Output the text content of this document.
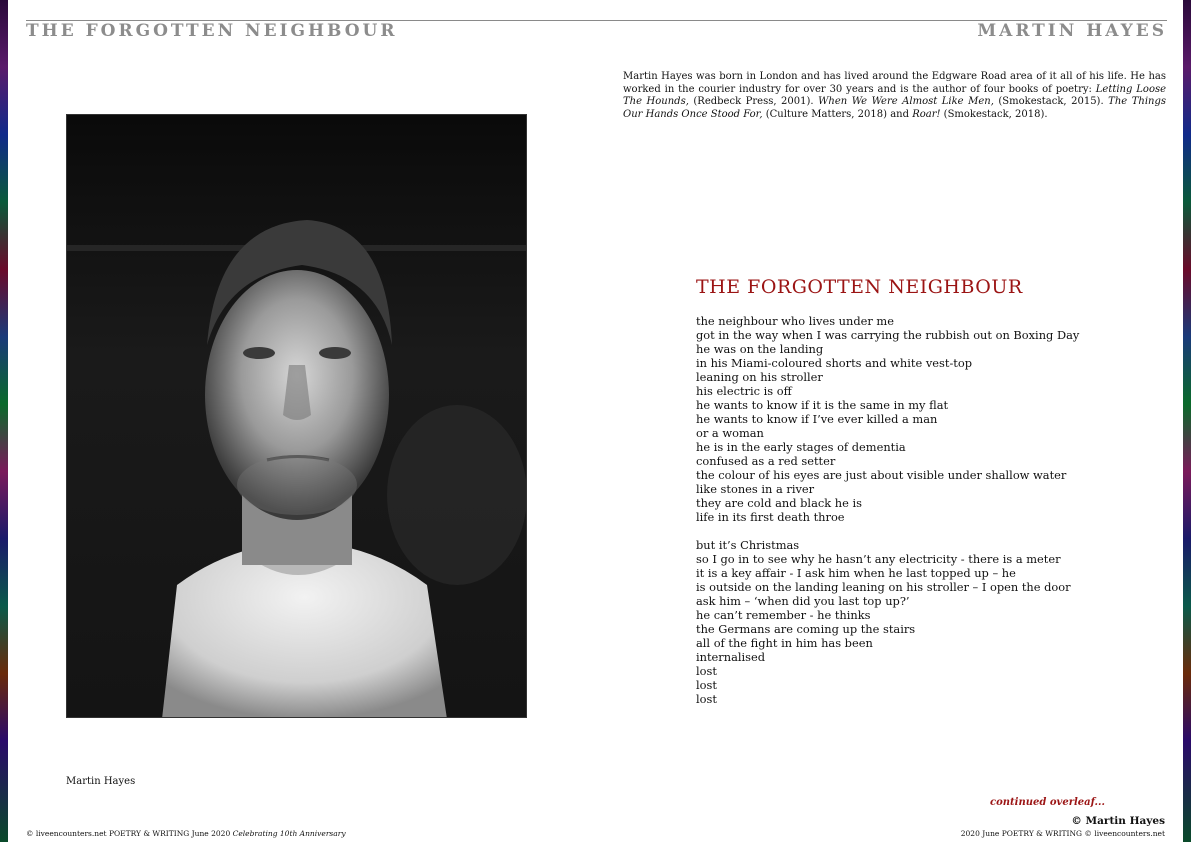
THE FORGOTTEN NEIGHBOUR	MARTIN HAYES
Martin Hayes was born in London and has lived around the Edgware Road area of it all of his life. He has worked in the courier industry for over 30 years and is the author of four books of poetry: Letting Loose The Hounds, (Redbeck Press, 2001). When We Were Almost Like Men, (Smokestack, 2015). The Things Our Hands Once Stood For, (Culture Matters, 2018) and Roar! (Smokestack, 2018).
Martin Hayes
THE FORGOTTEN NEIGHBOUR
the neighbour who lives under me
got in the way when I was carrying the rubbish out on Boxing Day
he was on the landing
in his Miami-coloured shorts and white vest-top
leaning on his stroller
his electric is off
he wants to know if it is the same in my flat
he wants to know if I’ve ever killed a man
or a woman
he is in the early stages of dementia
confused as a red setter
the colour of his eyes are just about visible under shallow water
like stones in a river
they are cold and black he is
life in its first death throe
but it’s Christmas
so I go in to see why he hasn’t any electricity - there is a meter
it is a key affair - I ask him when he last topped up – he
is outside on the landing leaning on his stroller – I open the door
ask him – ‘when did you last top up?’
he can’t remember - he thinks
the Germans are coming up the stairs
all of the fight in him has been
internalised
lost
lost
lost
continued overleaf...
© Martin Hayes
© liveencounters.net POETRY & WRITING June 2020 Celebrating 10th Anniversary	2020 June POETRY & WRITING © liveencounters.net
